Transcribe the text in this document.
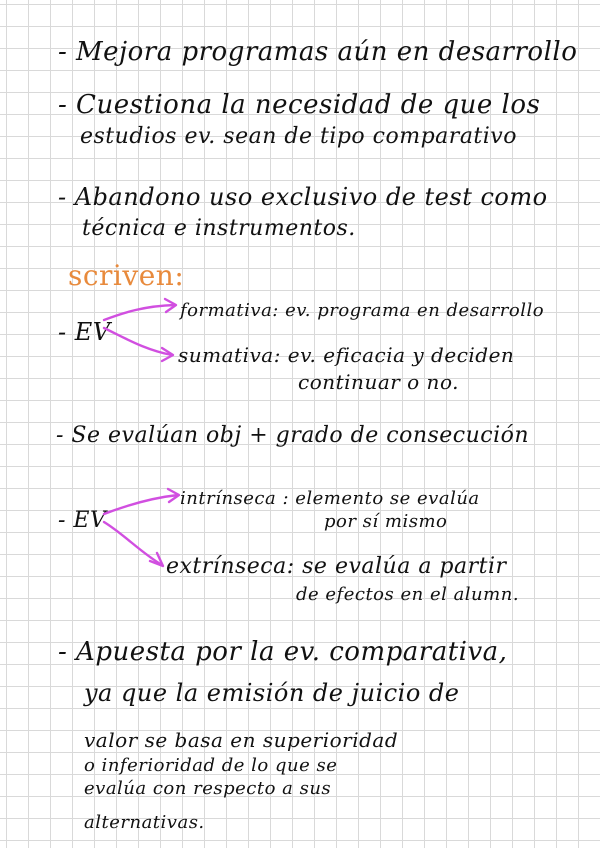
- Mejora programas aún en desarrollo
- Cuestiona la necesidad de que los
estudios ev. sean de tipo comparativo
- Abandono uso exclusivo de test como
técnica e instrumentos.
scriven:
- EV
formativa: ev. programa en desarrollo
sumativa: ev. eficacia y deciden
continuar o no.
- Se evalúan obj + grado de consecución
- EV
intrínseca : elemento se evalúa
por sí mismo
extrínseca: se evalúa a partir
de efectos en el alumn.
- Apuesta por la ev. comparativa,
ya que la emisión de juicio de
valor se basa en superioridad
o inferioridad de lo que se
evalúa con respecto a sus
alternativas.
